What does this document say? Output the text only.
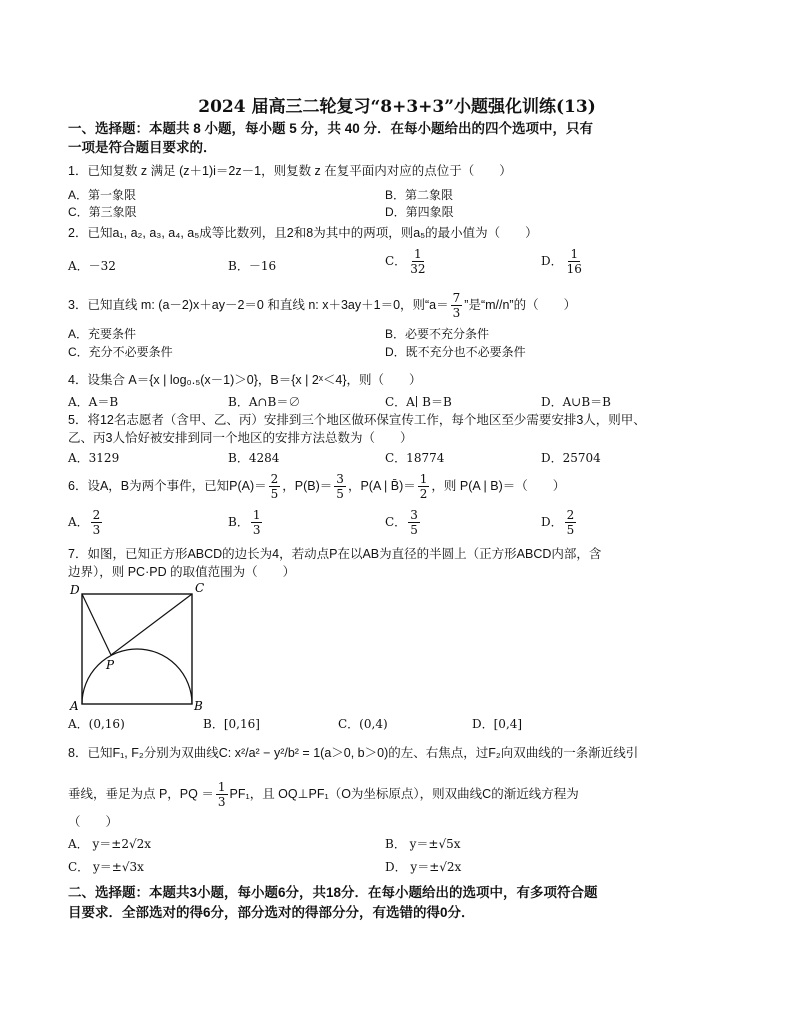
2024 届高三二轮复习“8+3+3”小题强化训练(13)
一、选择题：本题共 8 小题，每小题 5 分，共 40 分．在每小题给出的四个选项中，只有
一项是符合题目要求的．
1．已知复数 z 满足 (z＋1)i＝2z－1，则复数 z 在复平面内对应的点位于（　　）
A．第一象限	B．第二象限
C．第三象限	D．第四象限
2．已知a₁, a₂, a₃, a₄, a₅成等比数列，且2和8为其中的两项，则a₅的最小值为（　　）
A．－32	B．－16	C． $\frac{1}{32}$	D． $\frac{1}{16}$
3．已知直线 m: (a－2)x＋ay－2＝0 和直线 n: x＋3ay＋1＝0，则“$a= \frac{7}{3}$ ”是“m//n”的（　　）
A．充要条件	B．必要不充分条件
C．充分不必要条件	D．既不充分也不必要条件
4．设集合 A＝{x | log₀.₅(x－1)＞0}，B＝{x | 2ˣ＜4}，则（　　）
A．A＝B	B．A∩B＝∅	C．A∣ B＝B	D．A∪B＝B
5．将12名志愿者（含甲、乙、丙）安排到三个地区做环保宣传工作，每个地区至少需要安排3人，则甲、
乙、丙3人恰好被安排到同一个地区的安排方法总数为（　　）
A．3129	B．4284	C．18774	D．25704
6．设A，B为两个事件，已知$P(A)= \frac{2}{5}$ ，$P(B)= \frac{3}{5}$ ，P(A | B̄)＝ $\frac{1}{2}$ ，则 P(A | B)＝（　　）
A． $\frac{2}{3}$	B． $\frac{1}{3}$	C． $\frac{3}{5}$	D． $\frac{2}{5}$
7．如图，已知正方形ABCD的边长为4，若动点P在以AB为直径的半圆上（正方形ABCD内部，含
边界），则 PC·PD 的取值范围为（　　）
D	C
P
A	B
A．(0,16)	B．[0,16]	C．(0,4)	D．[0,4]
8．已知F₁, F₂分别为双曲线C: x²/a² − y²/b² = 1(a＞0, b＞0)的左、右焦点，过F₂向双曲线的一条渐近线引
垂线，垂足为点 P，PQ ＝ $\frac{1}{3} PF_1$，且 OQ⊥PF₁（O为坐标原点），则双曲线C的渐近线方程为
（　　）
A． y＝±2√2x	B． y＝±√5x
C． y＝±√3x	D． y＝±√2x
二、选择题：本题共3小题，每小题6分，共18分．在每小题给出的选项中，有多项符合题
目要求．全部选对的得6分，部分选对的得部分分，有选错的得0分．
